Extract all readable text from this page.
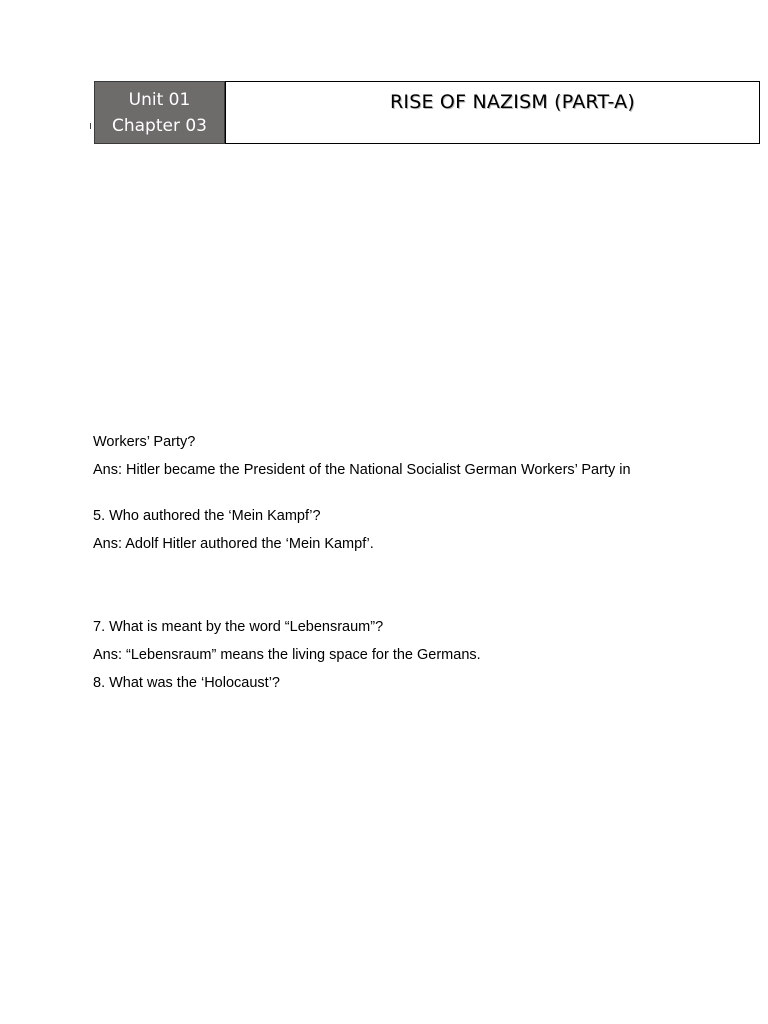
Unit 01
Chapter 03
RISE OF NAZISM (PART-A)
Workers’ Party?
Ans: Hitler became the President of the National Socialist German Workers’ Party in
5. Who authored the ‘Mein Kampf’?
Ans: Adolf Hitler authored the ‘Mein Kampf’.
7. What is meant by the word “Lebensraum”?
Ans: “Lebensraum” means the living space for the Germans.
8. What was the ‘Holocaust’?
